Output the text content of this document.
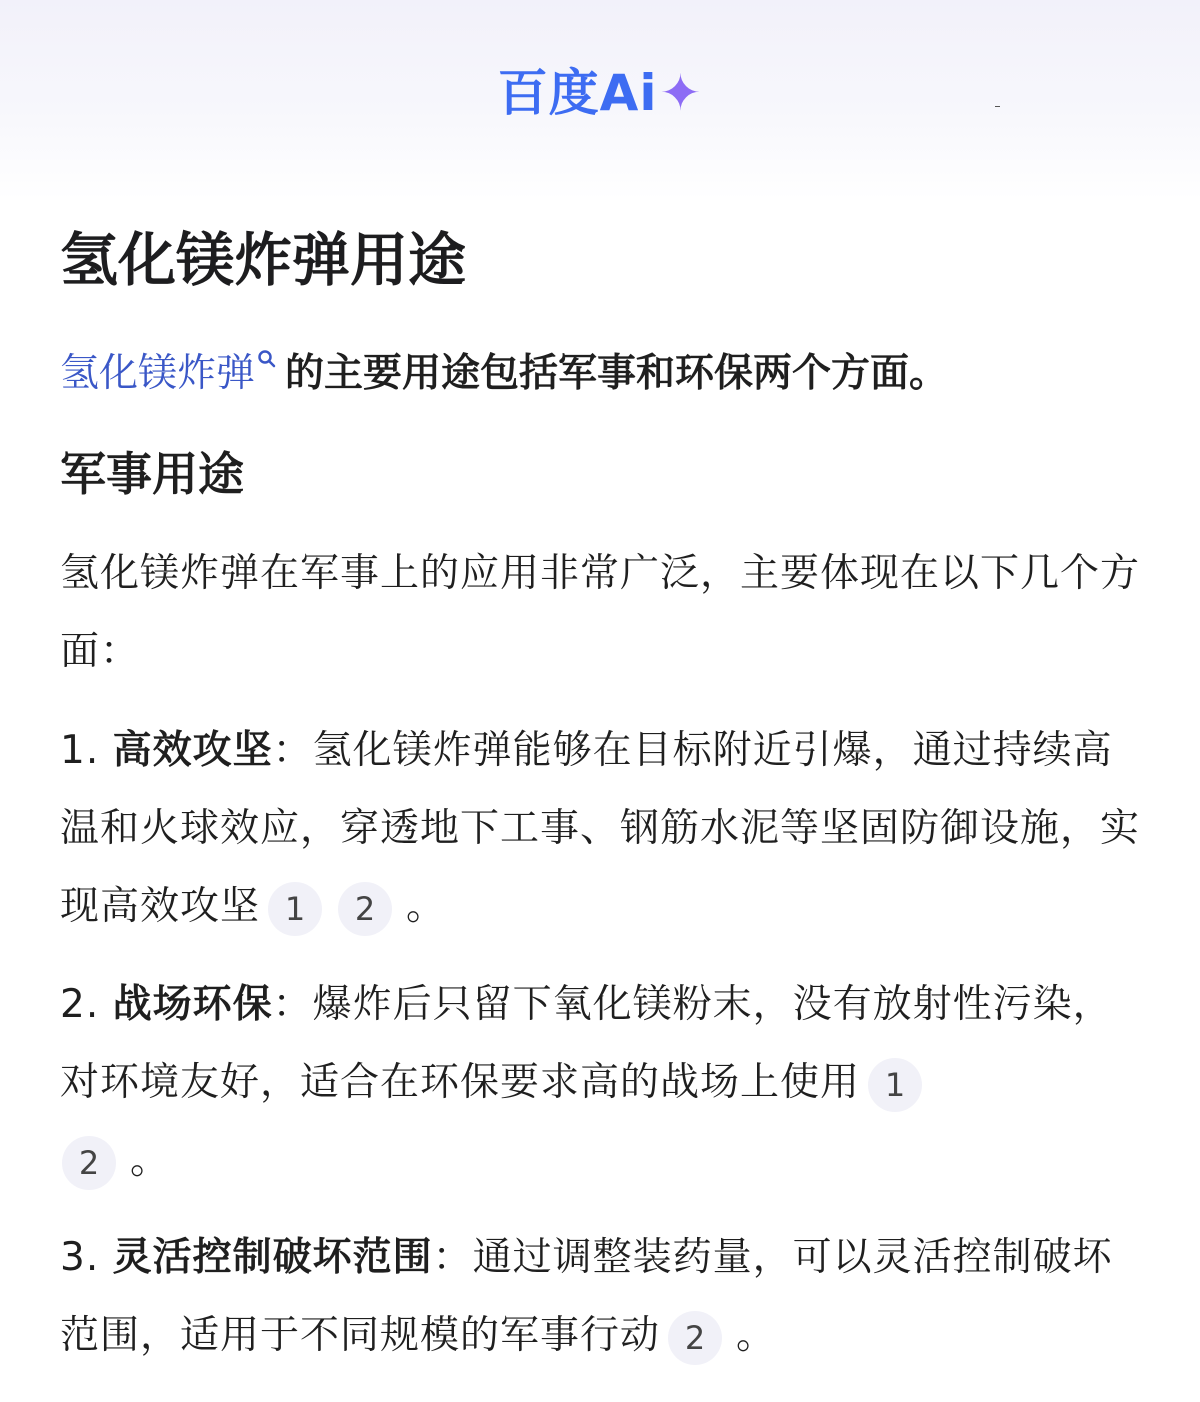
百度Ai✦
氢化镁炸弹用途
氢化镁炸弹 的主要用途包括军事和环保两个方面。
军事用途

氢化镁炸弹在军事上的应用非常广泛，主要体现在以下几个方面：

1. 高效攻坚：氢化镁炸弹能够在目标附近引爆，通过持续高温和火球效应，穿透地下工事、钢筋水泥等坚固防御设施，实现高效攻坚 1 2 。

2. 战场环保：爆炸后只留下氧化镁粉末，没有放射性污染，对环境友好，适合在环保要求高的战场上使用 1
2 。

3. 灵活控制破坏范围：通过调整装药量，可以灵活控制破坏范围，适用于不同规模的军事行动 2 。
